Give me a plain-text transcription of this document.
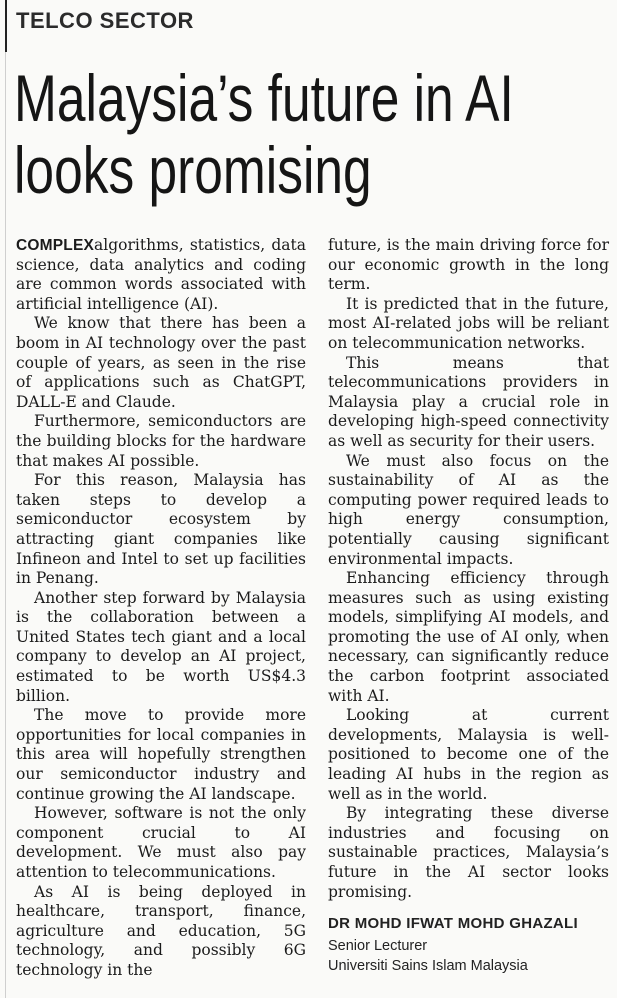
TELCO SECTOR
Malaysia’s future in AI
looks promising

COMPLEXalgorithms, statistics, data science, data analytics and coding are common words associated with artificial intelligence (AI).

We know that there has been a boom in AI technology over the past couple of years, as seen in the rise of applications such as ChatGPT, DALL-E and Claude.

Furthermore, semiconductors are the building blocks for the hardware that makes AI possible.

For this reason, Malaysia has taken steps to develop a semiconductor ecosystem by attracting giant companies like Infineon and Intel to set up facilities in Penang.

Another step forward by Malaysia is the collaboration between a United States tech giant and a local company to develop an AI project, estimated to be worth US$4.3 billion.

The move to provide more opportunities for local companies in this area will hopefully strengthen our semiconductor industry and continue growing the AI landscape.

However, software is not the only component crucial to AI development. We must also pay attention to telecommunications.

As AI is being deployed in healthcare, transport, finance, agriculture and education, 5G technology, and possibly 6G technology in the

future, is the main driving force for our economic growth in the long term.

It is predicted that in the future, most AI-related jobs will be reliant on telecommunication networks.

This means that telecommunications providers in Malaysia play a crucial role in developing high-speed connectivity as well as security for their users.

We must also focus on the sustainability of AI as the computing power required leads to high energy consumption, potentially causing significant environmental impacts.

Enhancing efficiency through measures such as using existing models, simplifying AI models, and promoting the use of AI only, when necessary, can significantly reduce the carbon footprint associated with AI.

Looking at current developments, Malaysia is well-positioned to become one of the leading AI hubs in the region as well as in the world.

By integrating these diverse industries and focusing on sustainable practices, Malaysia’s future in the AI sector looks promising.

DR MOHD IFWAT MOHD GHAZALI
Senior Lecturer
Universiti Sains Islam Malaysia
